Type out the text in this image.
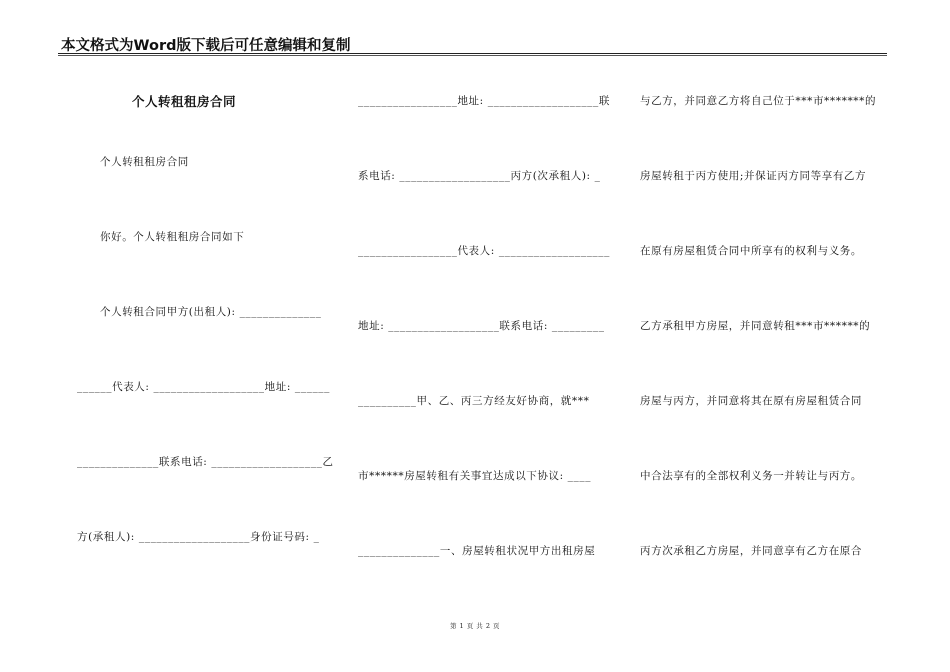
本文格式为Word版下载后可任意编辑和复制
个人转租租房合同
个人转租租房合同
你好。个人转租租房合同如下
个人转租合同甲方(出租人): ______________
______代表人: ___________________地址: ______
______________联系电话: ___________________乙
方(承租人): ___________________身份证号码: _
_________________地址: ___________________联
系电话: ___________________丙方(次承租人): _
_________________代表人: ___________________
地址: ___________________联系电话: _________
__________甲、乙、丙三方经友好协商，就***
市******房屋转租有关事宜达成以下协议: ____
______________一、房屋转租状况甲方出租房屋
与乙方，并同意乙方将自己位于***市*******的
房屋转租于丙方使用;并保证丙方同等享有乙方
在原有房屋租赁合同中所享有的权利与义务。
乙方承租甲方房屋，并同意转租***市******的
房屋与丙方，并同意将其在原有房屋租赁合同
中合法享有的全部权利义务一并转让与丙方。
丙方次承租乙方房屋，并同意享有乙方在原合
第 1 页 共 2 页
